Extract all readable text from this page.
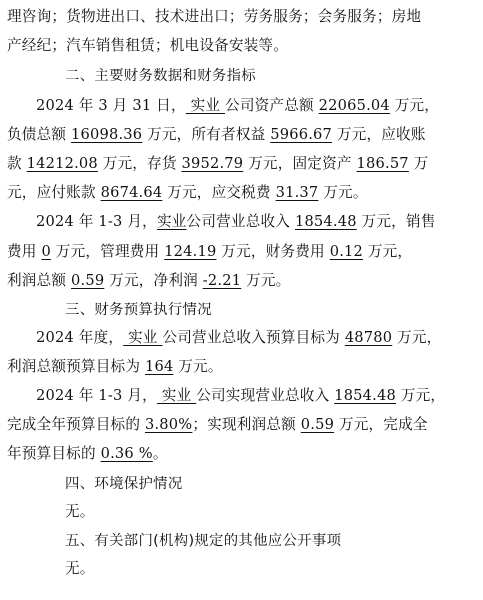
理咨询；货物进出口、技术进出口；劳务服务；会务服务；房地
产经纪；汽车销售租赁；机电设备安装等。
二、主要财务数据和财务指标
2024 年 3 月 31 日， 实业 公司资产总额 22065.04 万元，
负债总额 16098.36 万元，所有者权益 5966.67 万元，应收账
款 14212.08 万元，存货 3952.79 万元，固定资产 186.57 万
元，应付账款 8674.64 万元，应交税费 31.37 万元。
2024 年 1-3 月，实业公司营业总收入 1854.48 万元，销售
费用 0 万元，管理费用 124.19 万元，财务费用 0.12 万元，
利润总额 0.59 万元，净利润 -2.21 万元。
三、财务预算执行情况
2024 年度， 实业 公司营业总收入预算目标为 48780 万元，
利润总额预算目标为 164 万元。
2024 年 1-3 月， 实业 公司实现营业总收入 1854.48 万元，
完成全年预算目标的 3.80%；实现利润总额 0.59 万元，完成全
年预算目标的 0.36 %。
四、环境保护情况
无。
五、有关部门(机构)规定的其他应公开事项
无。
